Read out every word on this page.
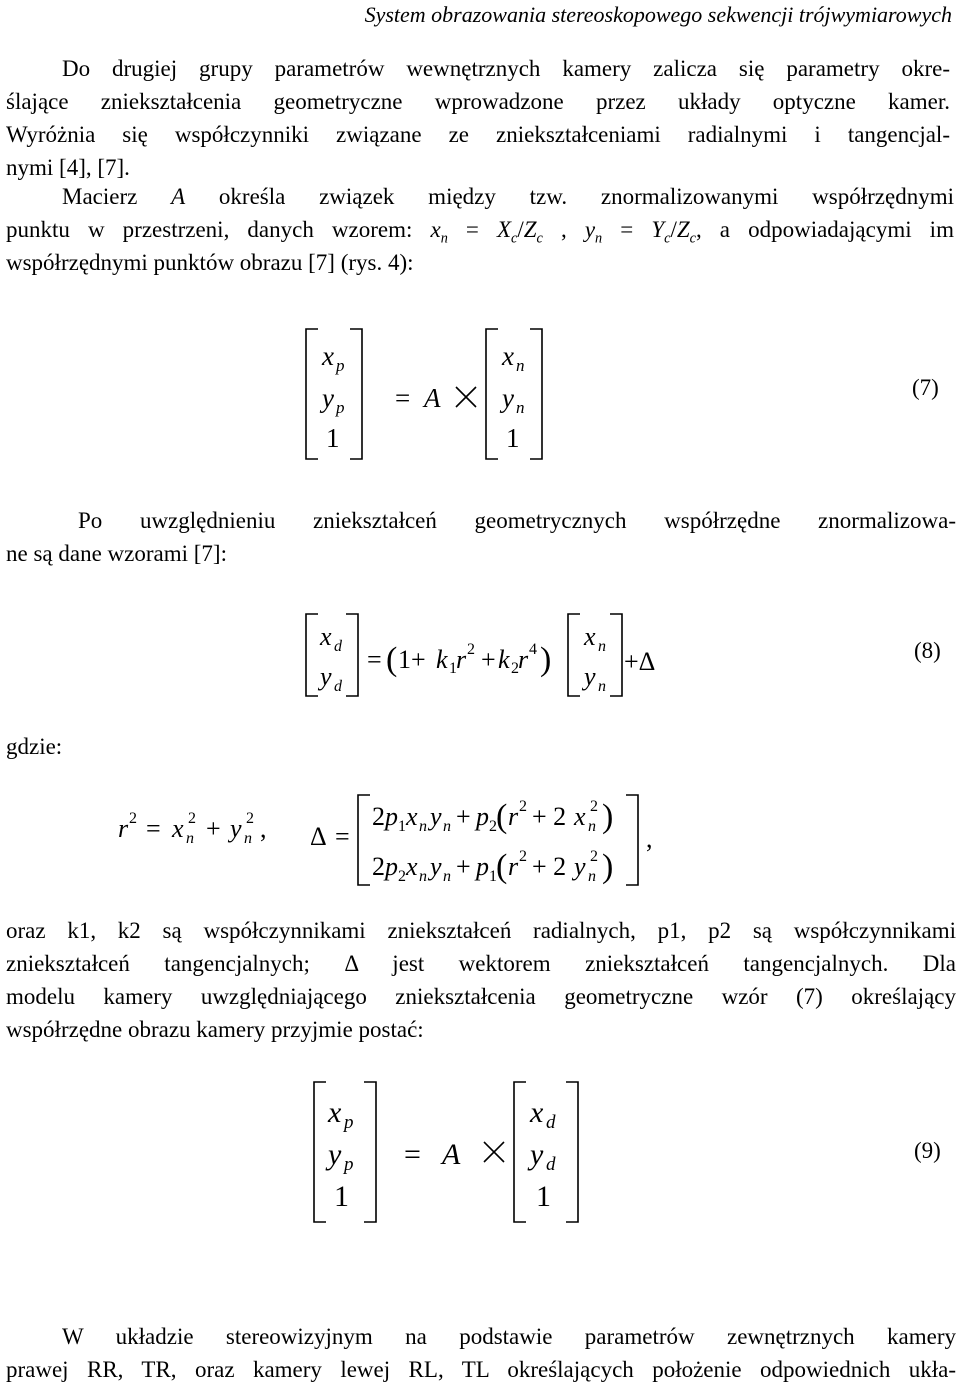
System obrazowania stereoskopowego sekwencji trójwymiarowych
Do drugiej grupy parametrów wewnętrznych kamery zalicza się parametry okre-
ślające zniekształcenia geometryczne wprowadzone przez układy optyczne kamer.
Wyróżnia się współczynniki związane ze zniekształceniami radialnymi i tangencjal-
nymi [4], [7].
Macierz A określa związek między tzw. znormalizowanymi współrzędnymi
punktu w przestrzeni, danych wzorem: $x_n = X_c/Z_c$ , $y_n = Y_c/Z_c$, a odpowiadającymi im
współrzędnymi punktów obrazu [7] (rys. 4):
x p
y p
1
= A
x n
y n
1
(7)
Po uwzględnieniu zniekształceń geometrycznych współrzędne znormalizowa-
ne są dane wzorami [7]:
x d
y d
= ( 1+ k 1 r 2 + k 2 r 4 )
x n
y n
+Δ	(8)
gdzie:
r 2 = x n
2 + y n
2 , Δ =
2 p 1 x n y n + p 2 ( r 2 + 2 x n
2 )
2 p 2 x n y n + p 1 ( r 2 + 2 y n
2 )
,
oraz k1, k2 są współczynnikami zniekształceń radialnych, p1, p2 są współczynnikami
zniekształceń tangencjalnych; Δ jest wektorem zniekształceń tangencjalnych. Dla
modelu kamery uwzględniającego zniekształcenia geometryczne wzór (7) określający
współrzędne obrazu kamery przyjmie postać:
x p
y p
1
= A
x d
y d
1
(9)
W układzie stereowizyjnym na podstawie parametrów zewnętrznych kamery
prawej RR, TR, oraz kamery lewej RL, TL określających położenie odpowiednich ukła-
